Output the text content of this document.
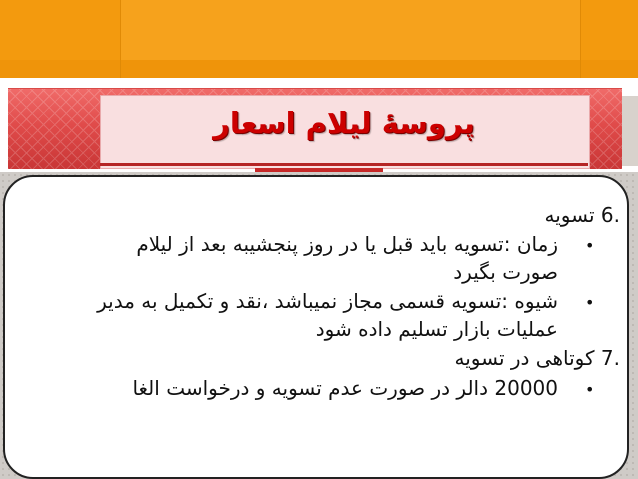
پروسهٔ لیلام اسعار
.6 تسویه
•
زمان :تسویه باید قبل یا در روز پنجشیبه بعد از لیلام
صورت بگیرد
•
شیوه :تسویه قسمی مجاز نمیباشد ،نقد و تکمیل به مدیر
عملیات بازار تسلیم داده شود
.7 کوتاهی در تسویه
•
20000 دالر در صورت عدم تسویه و درخواست الغا
